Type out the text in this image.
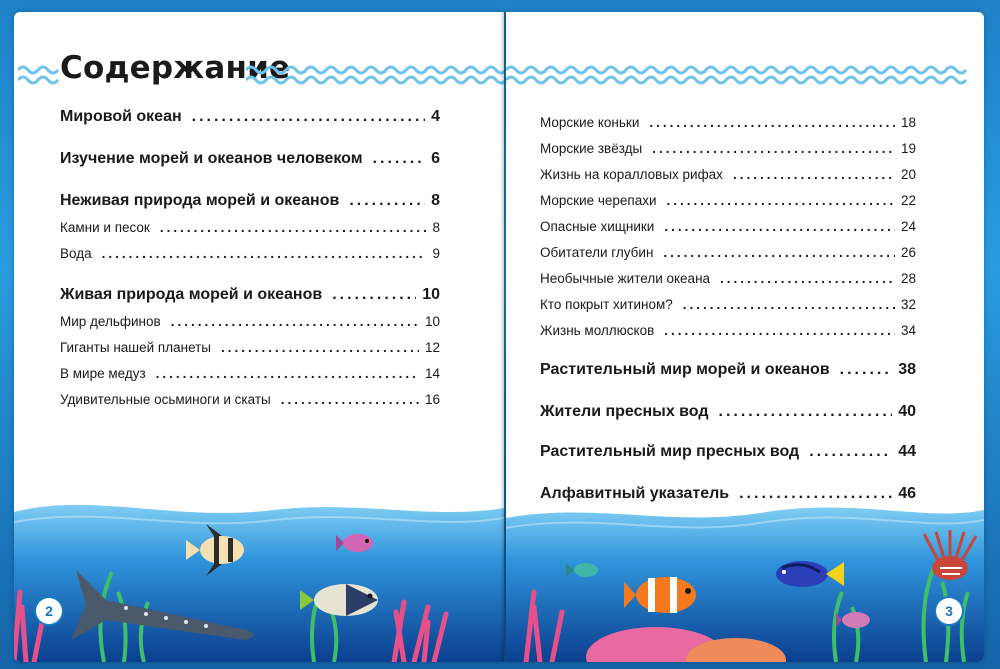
Содержание
Мировой океан .....	4
Изучение морей и океанов человеком .....	6
Неживая природа морей и океанов .....	8
Камни и песок .....	8
Вода .....	9
Живая природа морей и океанов .....	10
Мир дельфинов .....	10
Гиганты нашей планеты .....	12
В мире медуз .....	14
Удивительные осьминоги и скаты .....	16
2
Морские коньки .....	18
Морские звёзды .....	19
Жизнь на коралловых рифах .....	20
Морские черепахи .....	22
Опасные хищники .....	24
Обитатели глубин .....	26
Необычные жители океана .....	28
Кто покрыт хитином? .....	32
Жизнь моллюсков .....	34
Растительный мир морей и океанов .....	38
Жители пресных вод .....	40
Растительный мир пресных вод .....	44
Алфавитный указатель .....	46
3
